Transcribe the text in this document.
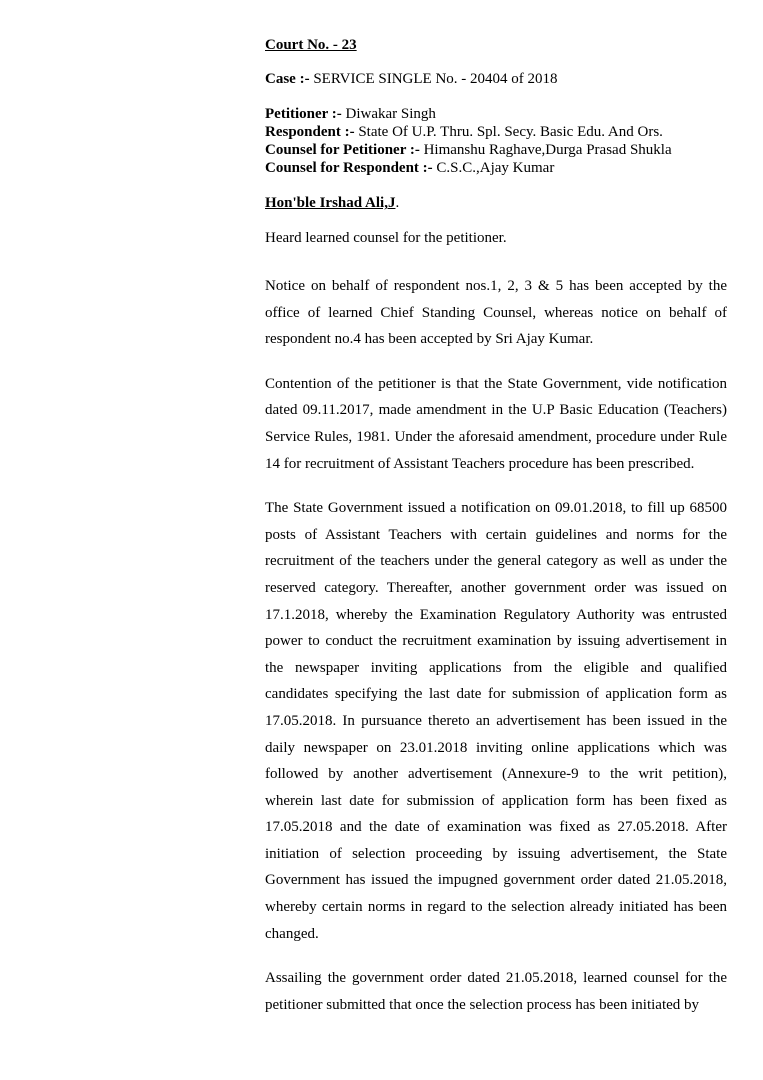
Court No. - 23
Case :- SERVICE SINGLE No. - 20404 of 2018
Petitioner :- Diwakar Singh
Respondent :- State Of U.P. Thru. Spl. Secy. Basic Edu. And Ors.
Counsel for Petitioner :- Himanshu Raghave,Durga Prasad Shukla
Counsel for Respondent :- C.S.C.,Ajay Kumar
Hon'ble Irshad Ali,J.

Heard learned counsel for the petitioner.

Notice on behalf of respondent nos.1, 2, 3 & 5 has been accepted by the office of learned Chief Standing Counsel, whereas notice on behalf of respondent no.4 has been accepted by Sri Ajay Kumar.

Contention of the petitioner is that the State Government, vide notification dated 09.11.2017, made amendment in the U.P Basic Education (Teachers) Service Rules, 1981. Under the aforesaid amendment, procedure under Rule 14 for recruitment of Assistant Teachers procedure has been prescribed.

The State Government issued a notification on 09.01.2018, to fill up 68500 posts of Assistant Teachers with certain guidelines and norms for the recruitment of the teachers under the general category as well as under the reserved category. Thereafter, another government order was issued on 17.1.2018, whereby the Examination Regulatory Authority was entrusted power to conduct the recruitment examination by issuing advertisement in the newspaper inviting applications from the eligible and qualified candidates specifying the last date for submission of application form as 17.05.2018. In pursuance thereto an advertisement has been issued in the daily newspaper on 23.01.2018 inviting online applications which was followed by another advertisement (Annexure-9 to the writ petition), wherein last date for submission of application form has been fixed as 17.05.2018 and the date of examination was fixed as 27.05.2018. After initiation of selection proceeding by issuing advertisement, the State Government has issued the impugned government order dated 21.05.2018, whereby certain norms in regard to the selection already initiated has been changed.

Assailing the government order dated 21.05.2018, learned counsel for the petitioner submitted that once the selection process has been initiated by
